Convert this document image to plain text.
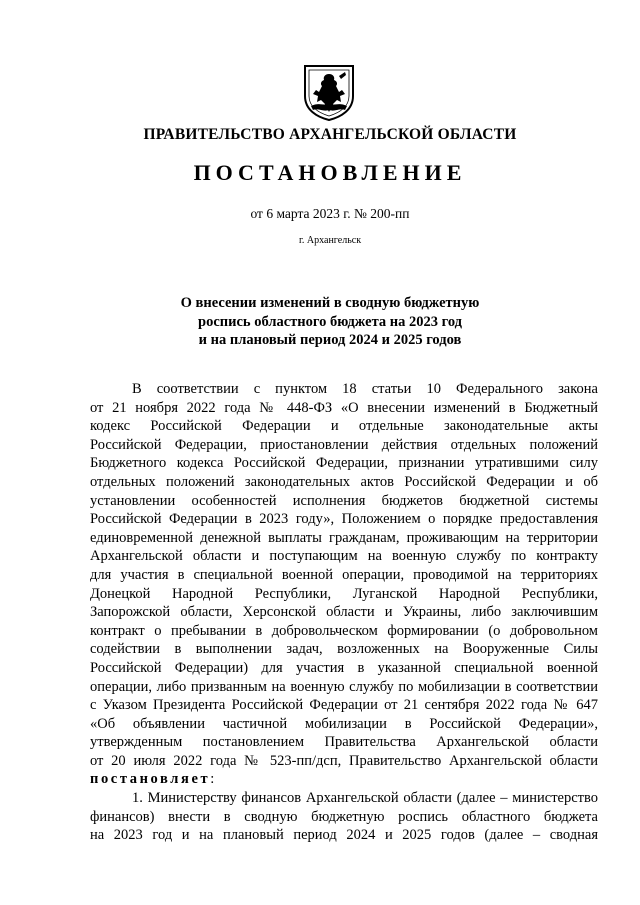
ПРАВИТЕЛЬСТВО АРХАНГЕЛЬСКОЙ ОБЛАСТИ
ПОСТАНОВЛЕНИЕ
от 6 марта 2023 г. № 200-пп
г. Архангельск
О внесении изменений в сводную бюджетную
роспись областного бюджета на 2023 год
и на плановый период 2024 и 2025 годов
В соответствии с пунктом 18 статьи 10 Федерального закона
от 21 ноября 2022 года № 448-ФЗ «О внесении изменений в Бюджетный
кодекс Российской Федерации и отдельные законодательные акты
Российской Федерации, приостановлении действия отдельных положений
Бюджетного кодекса Российской Федерации, признании утратившими силу
отдельных положений законодательных актов Российской Федерации и об
установлении особенностей исполнения бюджетов бюджетной системы
Российской Федерации в 2023 году», Положением о порядке предоставления
единовременной денежной выплаты гражданам, проживающим на территории
Архангельской области и поступающим на военную службу по контракту
для участия в специальной военной операции, проводимой на территориях
Донецкой Народной Республики, Луганской Народной Республики,
Запорожской области, Херсонской области и Украины, либо заключившим
контракт о пребывании в добровольческом формировании (о добровольном
содействии в выполнении задач, возложенных на Вооруженные Силы
Российской Федерации) для участия в указанной специальной военной
операции, либо призванным на военную службу по мобилизации в соответствии
с Указом Президента Российской Федерации от 21 сентября 2022 года № 647
«Об объявлении частичной мобилизации в Российской Федерации»,
утвержденным постановлением Правительства Архангельской области
от 20 июля 2022 года № 523-пп/дсп, Правительство Архангельской области
постановляет:
1. Министерству финансов Архангельской области (далее – министерство
финансов) внести в сводную бюджетную роспись областного бюджета
на 2023 год и на плановый период 2024 и 2025 годов (далее – сводная
